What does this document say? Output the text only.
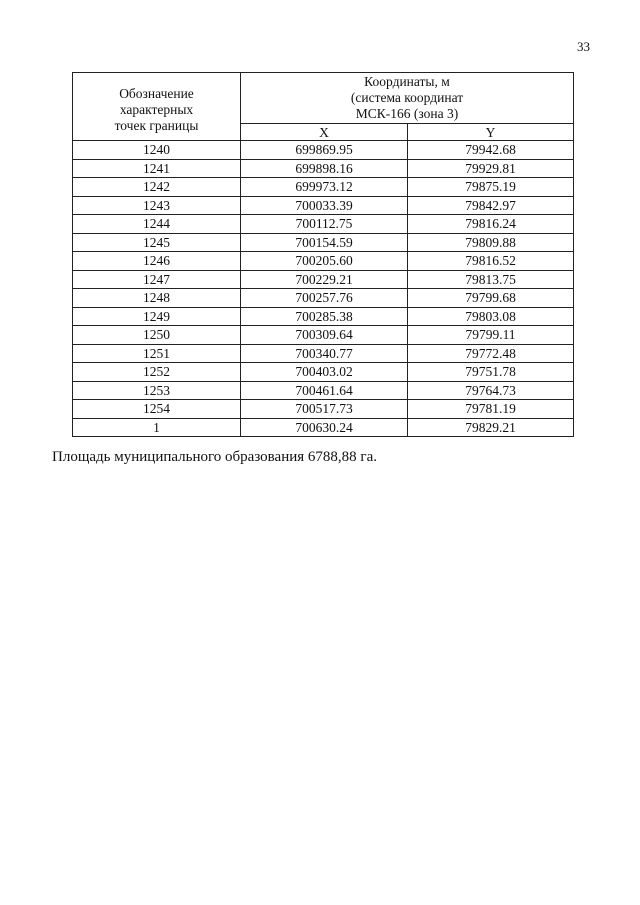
33
Обозначение
характерных
точек границы	Координаты, м
(система координат
МСК-166 (зона 3)	

	X	Y
1240	699869.95	79942.68
1241	699898.16	79929.81
1242	699973.12	79875.19
1243	700033.39	79842.97
1244	700112.75	79816.24
1245	700154.59	79809.88
1246	700205.60	79816.52
1247	700229.21	79813.75
1248	700257.76	79799.68
1249	700285.38	79803.08
1250	700309.64	79799.11
1251	700340.77	79772.48
1252	700403.02	79751.78
1253	700461.64	79764.73
1254	700517.73	79781.19
1	700630.24	79829.21
Площадь муниципального образования 6788,88 га.
